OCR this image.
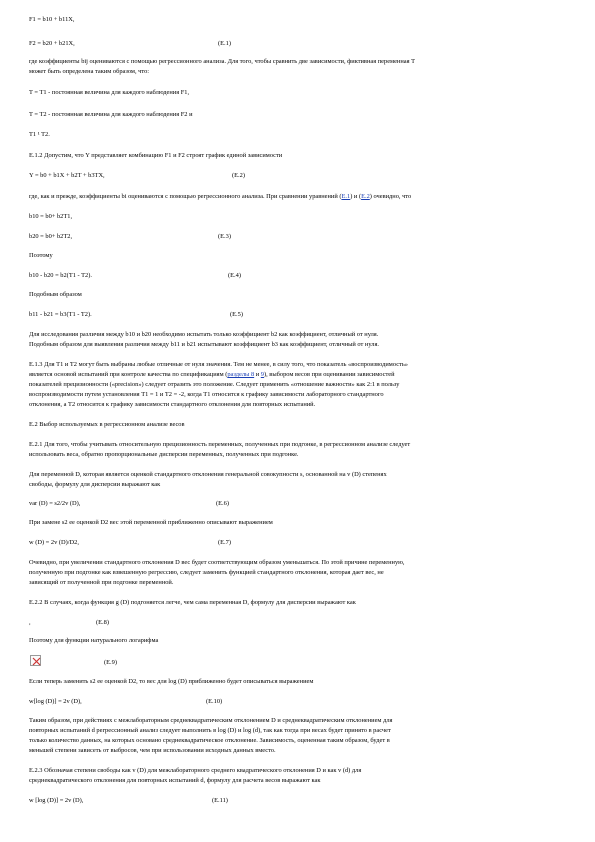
F1 = b10 + b11X,
F2 = b20 + b21X,	(Е.1)
где коэффициенты bij оцениваются с помощью регрессионного анализа. Для того, чтобы сравнить две зависимости, фиктивная переменная T
может быть определена таким образом, что:
T = T1 - постоянная величина для каждого наблюдения F1,
T = T2 - постоянная величина для каждого наблюдения F2 и
T1 ¹ T2.
Е.1.2 Допустим, что Y представляет комбинацию F1 и F2 строят график единой зависимости
Y = b0 + b1X + b2T + b3TX,	(Е.2)
где, как и прежде, коэффициенты bi оцениваются с помощью регрессионного анализа. При сравнении уравнений (Е.1) и (Е.2) очевидно, что
b10 = b0+ b2T1,
b20 = b0+ b2T2,	(Е.3)
Поэтому
b10 - b20 = b2(T1 - T2).	(Е.4)
Подобным образом
b11 - b21 = b3(T1 - T2).	(Е.5)
Для исследования различия между b10 и b20 необходимо испытать только коэффициент b2 как коэффициент, отличный от нуля.
Подобным образом для выявления различия между b11 и b21 испытывают коэффициент b3 как коэффициент, отличный от нуля.
Е.1.3 Для T1 и T2 могут быть выбраны любые отличные от нуля значения. Тем не менее, в силу того, что показатель «воспроизводимость»
является основой испытаний при контроле качества по спецификациям (разделы 8 и 9), выбором весов при оценивании зависимостей
показателей прецизионности («precision») следует отразить это положение. Следует применить «отношение важности» как 2:1 в пользу
воспроизводимости путем установления T1 = 1 и T2 = -2, когда T1 относится к графику зависимости лабораторного стандартного
отклонения, а T2 относится к графику зависимости стандартного отклонения для повторных испытаний.
Е.2 Выбор используемых в регрессионном анализе весов
Е.2.1 Для того, чтобы учитывать относительную прецизионность переменных, полученных при подгонке, в регрессионном анализе следует
использовать веса, обратно пропорциональные дисперсии переменных, полученных при подгонке.
Для переменной D, которая является оценкой стандартного отклонения генеральной совокупности s, основанной на v (D) степенях
свободы, формулу для дисперсии выражают как
var (D) = s2/2v (D),	(Е.6)
При замене s2 ее оценкой D2 вес этой переменной приближенно описывают выражением
w (D) = 2v (D)/D2,	(Е.7)
Очевидно, при увеличении стандартного отклонения D вес будет соответствующим образом уменьшаться. По этой причине переменную,
полученную при подгонке как взвешенную регрессию, следует заменить функцией стандартного отклонения, которая дает вес, не
зависящий от полученной при подгонке переменной.
Е.2.2 В случаях, когда функция g (D) подгоняется легче, чем сама переменная D, формулу для дисперсии выражают как
,	(Е.8)
Поэтому для функции натурального логарифма
(Е.9)
Если теперь заменить s2 ее оценкой D2, то вес для log (D) приближенно будет описываться выражением
w[log (D)] = 2v (D),	(Е.10)
Таким образом, при действиях с межлабораторным среднеквадратическим отклонением D и среднеквадратическим отклонением для
повторных испытаний d регрессионный анализ следует выполнить в log (D) и log (d), так как тогда при весах будет принято в расчет
только количество данных, на которых основано среднеквадратическое отклонение. Зависимость, оцененная таким образом, будет в
меньшей степени зависеть от выбросов, чем при использовании исходных данных вместо.
Е.2.3 Обозначая степени свободы как v (D) для межлабораторного среднего квадратического отклонения D и как v (d) для
среднеквадратического отклонения для повторных испытаний d, формулу для расчета весов выражают как
w [log (D)] = 2v (D),	(Е.11)
